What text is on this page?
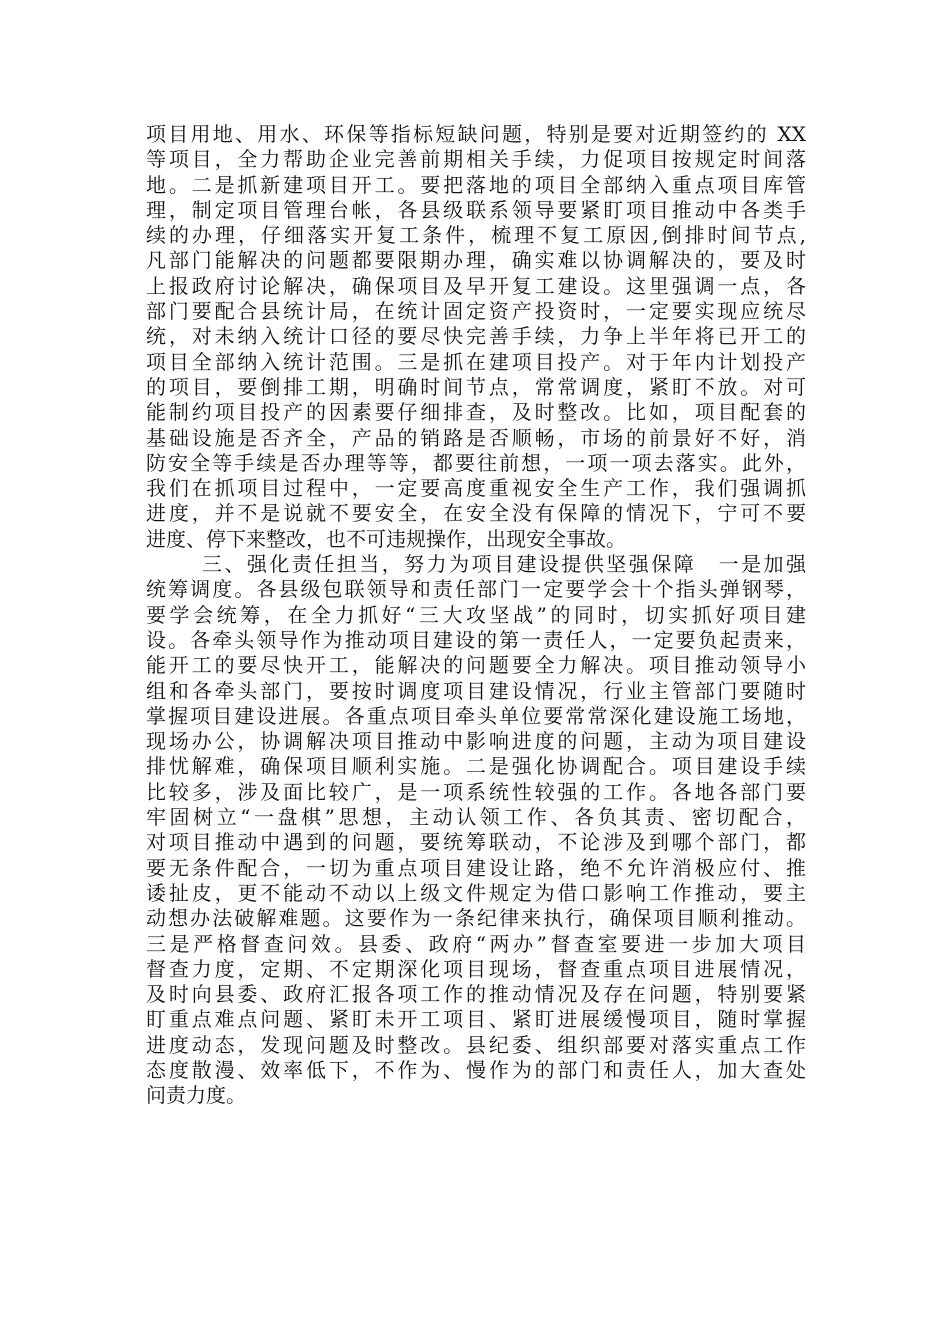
项目用地、用水、环保等指标短缺问题，特别是要对近期签约的 XX
等项目，全力帮助企业完善前期相关手续，力促项目按规定时间落
地。二是抓新建项目开工。要把落地的项目全部纳入重点项目库管
理，制定项目管理台帐，各县级联系领导要紧盯项目推动中各类手
续的办理，仔细落实开复工条件，梳理不复工原因,倒排时间节点,
凡部门能解决的问题都要限期办理，确实难以协调解决的，要及时
上报政府讨论解决，确保项目及早开复工建设。这里强调一点，各
部门要配合县统计局，在统计固定资产投资时，一定要实现应统尽
统，对未纳入统计口径的要尽快完善手续，力争上半年将已开工的
项目全部纳入统计范围。三是抓在建项目投产。对于年内计划投产
的项目，要倒排工期，明确时间节点，常常调度，紧盯不放。对可
能制约项目投产的因素要仔细排查，及时整改。比如，项目配套的
基础设施是否齐全，产品的销路是否顺畅，市场的前景好不好，消
防安全等手续是否办理等等，都要往前想，一项一项去落实。此外，
我们在抓项目过程中，一定要高度重视安全生产工作，我们强调抓
进度，并不是说就不要安全，在安全没有保障的情况下，宁可不要
进度、停下来整改，也不可违规操作，出现安全事故。
三、强化责任担当，努力为项目建设提供坚强保障　一是加强
统筹调度。各县级包联领导和责任部门一定要学会十个指头弹钢琴，
要学会统筹，在全力抓好“三大攻坚战”的同时，切实抓好项目建
设。各牵头领导作为推动项目建设的第一责任人，一定要负起责来，
能开工的要尽快开工，能解决的问题要全力解决。项目推动领导小
组和各牵头部门，要按时调度项目建设情况，行业主管部门要随时
掌握项目建设进展。各重点项目牵头单位要常常深化建设施工场地，
现场办公，协调解决项目推动中影响进度的问题，主动为项目建设
排忧解难，确保项目顺利实施。二是强化协调配合。项目建设手续
比较多，涉及面比较广，是一项系统性较强的工作。各地各部门要
牢固树立“一盘棋”思想，主动认领工作、各负其责、密切配合，
对项目推动中遇到的问题，要统筹联动，不论涉及到哪个部门，都
要无条件配合，一切为重点项目建设让路，绝不允许消极应付、推
诿扯皮，更不能动不动以上级文件规定为借口影响工作推动，要主
动想办法破解难题。这要作为一条纪律来执行，确保项目顺利推动。
三是严格督查问效。县委、政府“两办”督查室要进一步加大项目
督查力度，定期、不定期深化项目现场，督查重点项目进展情况，
及时向县委、政府汇报各项工作的推动情况及存在问题，特别要紧
盯重点难点问题、紧盯未开工项目、紧盯进展缓慢项目，随时掌握
进度动态，发现问题及时整改。县纪委、组织部要对落实重点工作
态度散漫、效率低下，不作为、慢作为的部门和责任人，加大查处
问责力度。
